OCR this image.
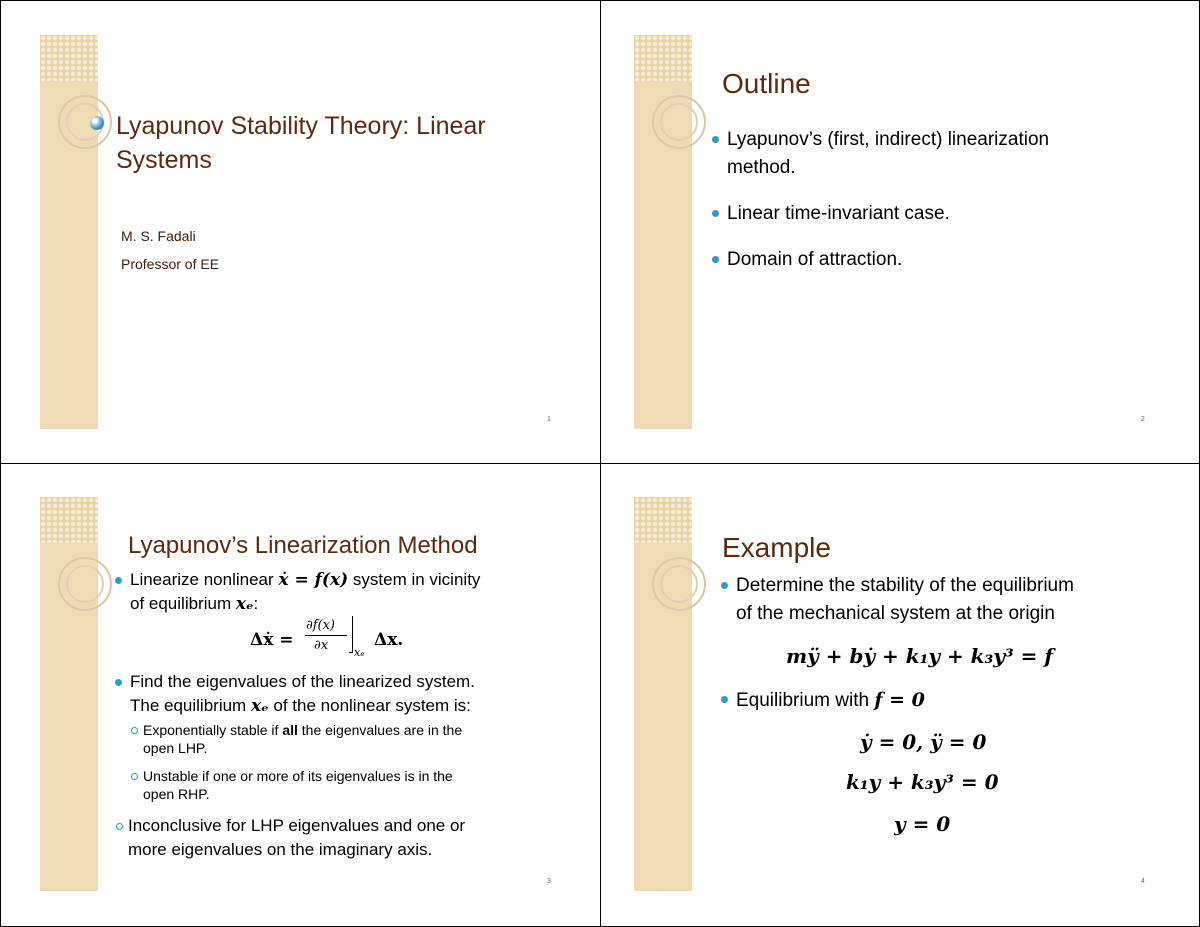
Lyapunov Stability Theory: Linear
Systems
M. S. Fadali
Professor of EE
1
Outline
Lyapunov’s (first, indirect) linearization
method.
Linear time-invariant case.
Domain of attraction.
2
Lyapunov’s Linearization Method
Linearize nonlinear ẋ = f(x) system in vicinity
of equilibrium xₑ:
Δẋ =
∂f(x)
∂x xₑ
Δx.
Find the eigenvalues of the linearized system.
The equilibrium xₑ of the nonlinear system is:
Exponentially stable if all the eigenvalues are in the
open LHP.
Unstable if one or more of its eigenvalues is in the
open RHP.
Inconclusive for LHP eigenvalues and one or
more eigenvalues on the imaginary axis.
3
Example
Determine the stability of the equilibrium
of the mechanical system at the origin
mÿ + bẏ + k₁y + k₃y³ = f
Equilibrium with f = 0
ẏ = 0, ÿ = 0
k₁y + k₃y³ = 0
y = 0
4
